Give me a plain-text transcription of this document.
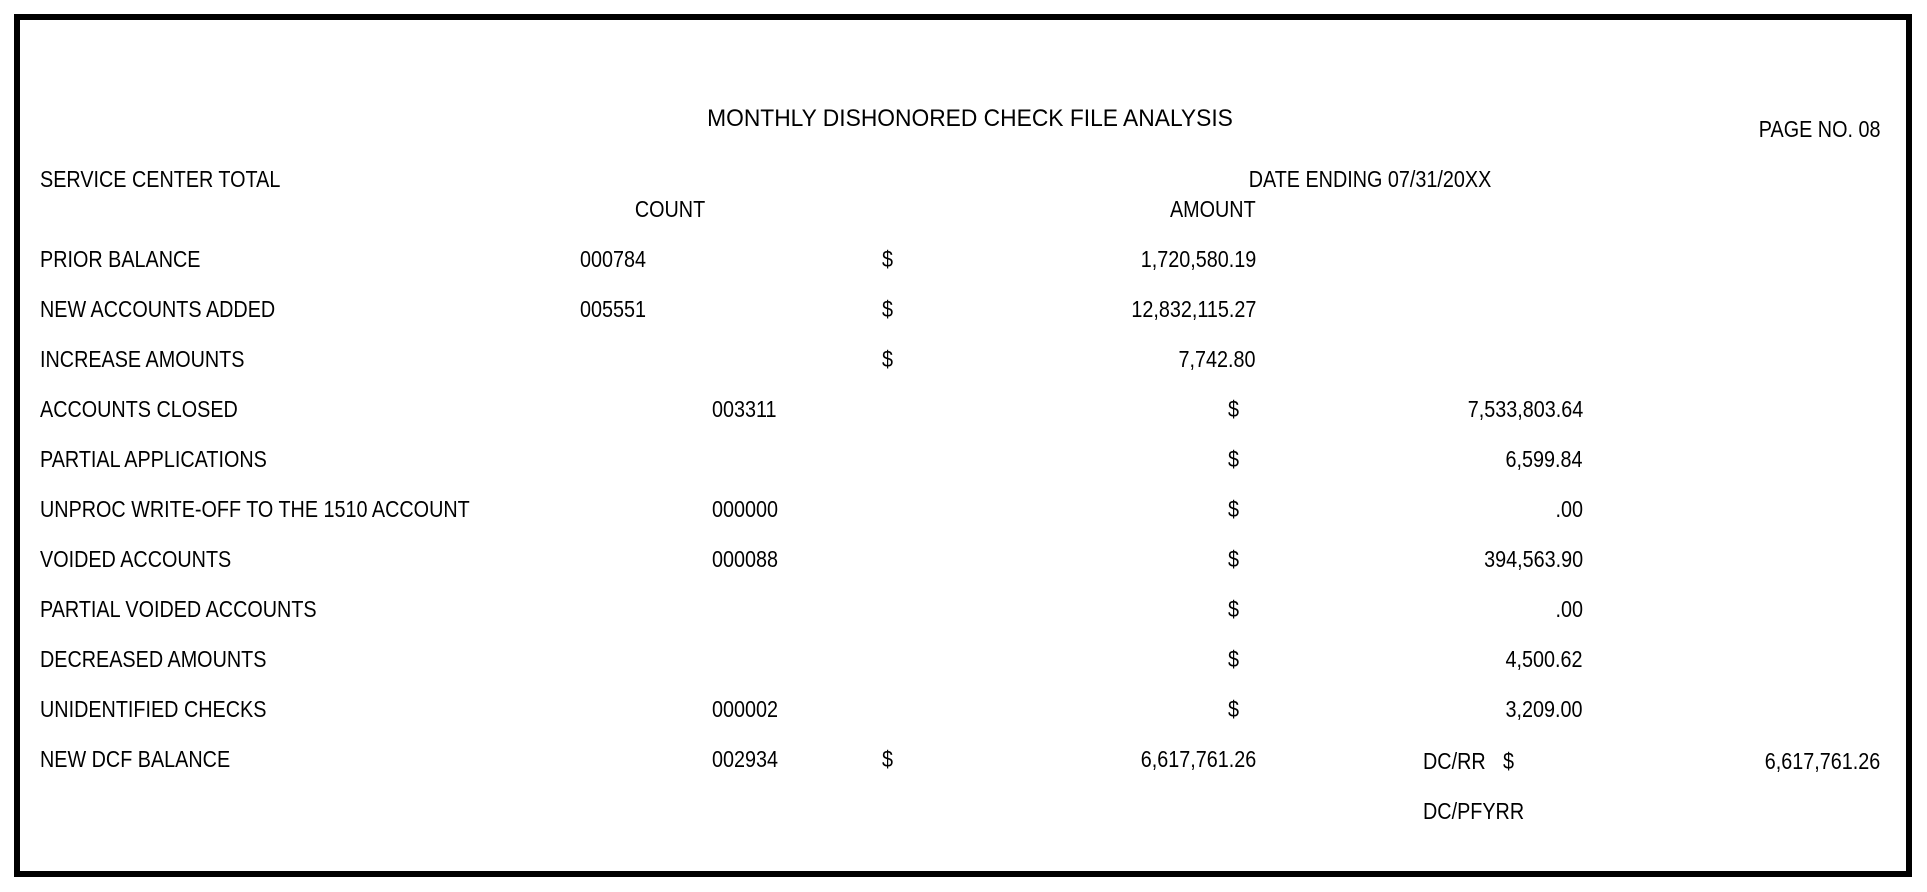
MONTHLY DISHONORED CHECK FILE ANALYSIS	PAGE NO. 08
SERVICE CENTER TOTAL	DATE ENDING 07/31/20XX
COUNT	AMOUNT
PRIOR BALANCE	000784	$	1,720,580.19
NEW ACCOUNTS ADDED	005551	$	12,832,115.27
INCREASE AMOUNTS	$	7,742.80
ACCOUNTS CLOSED	003311	$	7,533,803.64
PARTIAL APPLICATIONS	$	6,599.84
UNPROC WRITE-OFF TO THE 1510 ACCOUNT	000000	$	.00
VOIDED ACCOUNTS	000088	$	394,563.90
PARTIAL VOIDED ACCOUNTS	$	.00
DECREASED AMOUNTS	$	4,500.62
UNIDENTIFIED CHECKS	000002	$	3,209.00
NEW DCF BALANCE	002934	$	6,617,761.26	DC/RR $	6,617,761.26
DC/PFYRR
